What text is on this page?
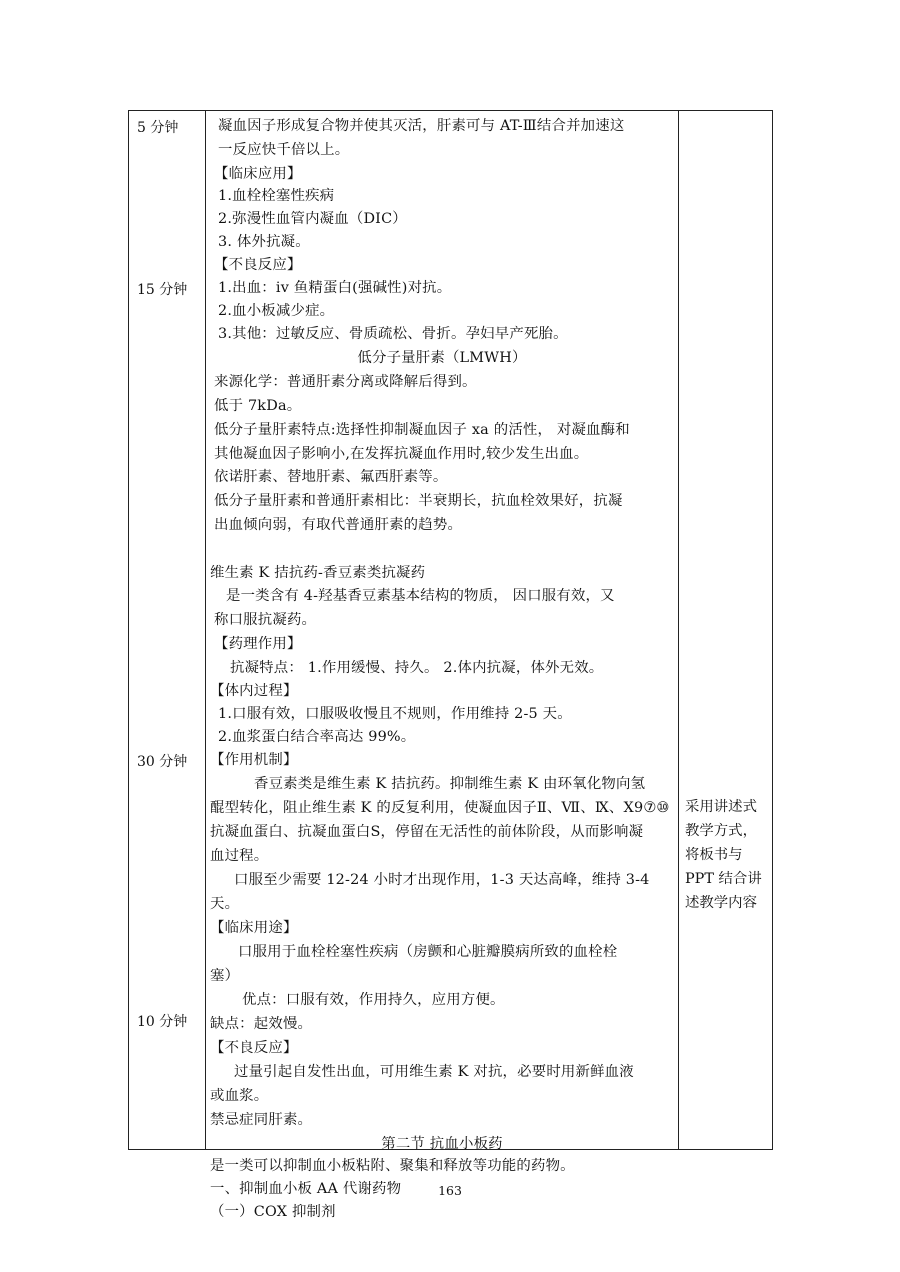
5 分钟
15 分钟
30 分钟
10 分钟
凝血因子形成复合物并使其灭活，肝素可与 AT-Ⅲ结合并加速这
一反应快千倍以上。
【临床应用】
1.血栓栓塞性疾病
2.弥漫性血管内凝血（DIC）
3. 体外抗凝。
【不良反应】
1.出血：iv 鱼精蛋白(强碱性)对抗。
2.血小板减少症。
3.其他：过敏反应、骨质疏松、骨折。孕妇早产死胎。
低分子量肝素（LMWH）
来源化学：普通肝素分离或降解后得到。
低于 7kDa。
低分子量肝素特点:选择性抑制凝血因子 xa 的活性， 对凝血酶和
其他凝血因子影响小,在发挥抗凝血作用时,较少发生出血。
依诺肝素、替地肝素、氟西肝素等。
低分子量肝素和普通肝素相比：半衰期长，抗血栓效果好，抗凝
出血倾向弱，有取代普通肝素的趋势。
维生素 K 拮抗药-香豆素类抗凝药
是一类含有 4-羟基香豆素基本结构的物质， 因口服有效，又
称口服抗凝药。
【药理作用】
抗凝特点： 1.作用缓慢、持久。 2.体内抗凝，体外无效。
【体内过程】
1.口服有效，口服吸收慢且不规则，作用维持 2-5 天。
2.血浆蛋白结合率高达 99%。
【作用机制】
香豆素类是维生素 K 拮抗药。抑制维生素 K 由环氧化物向氢
醌型转化，阻止维生素 K 的反复利用，使凝血因子Ⅱ、Ⅶ、Ⅸ、Ⅹ9⑦⑩
抗凝血蛋白、抗凝血蛋白S，停留在无活性的前体阶段，从而影响凝
血过程。
口服至少需要 12-24 小时才出现作用，1-3 天达高峰，维持 3-4
天。
【临床用途】
口服用于血栓栓塞性疾病（房颤和心脏瓣膜病所致的血栓栓
塞）
优点：口服有效，作用持久，应用方便。
缺点：起效慢。
【不良反应】
过量引起自发性出血，可用维生素 K 对抗，必要时用新鲜血液
或血浆。
禁忌症同肝素。
第二节 抗血小板药
是一类可以抑制血小板粘附、聚集和释放等功能的药物。
一、抑制血小板 AA 代谢药物
（一）COX 抑制剂
采用讲述式教学方式，将板书与 PPT 结合讲述教学内容
163
